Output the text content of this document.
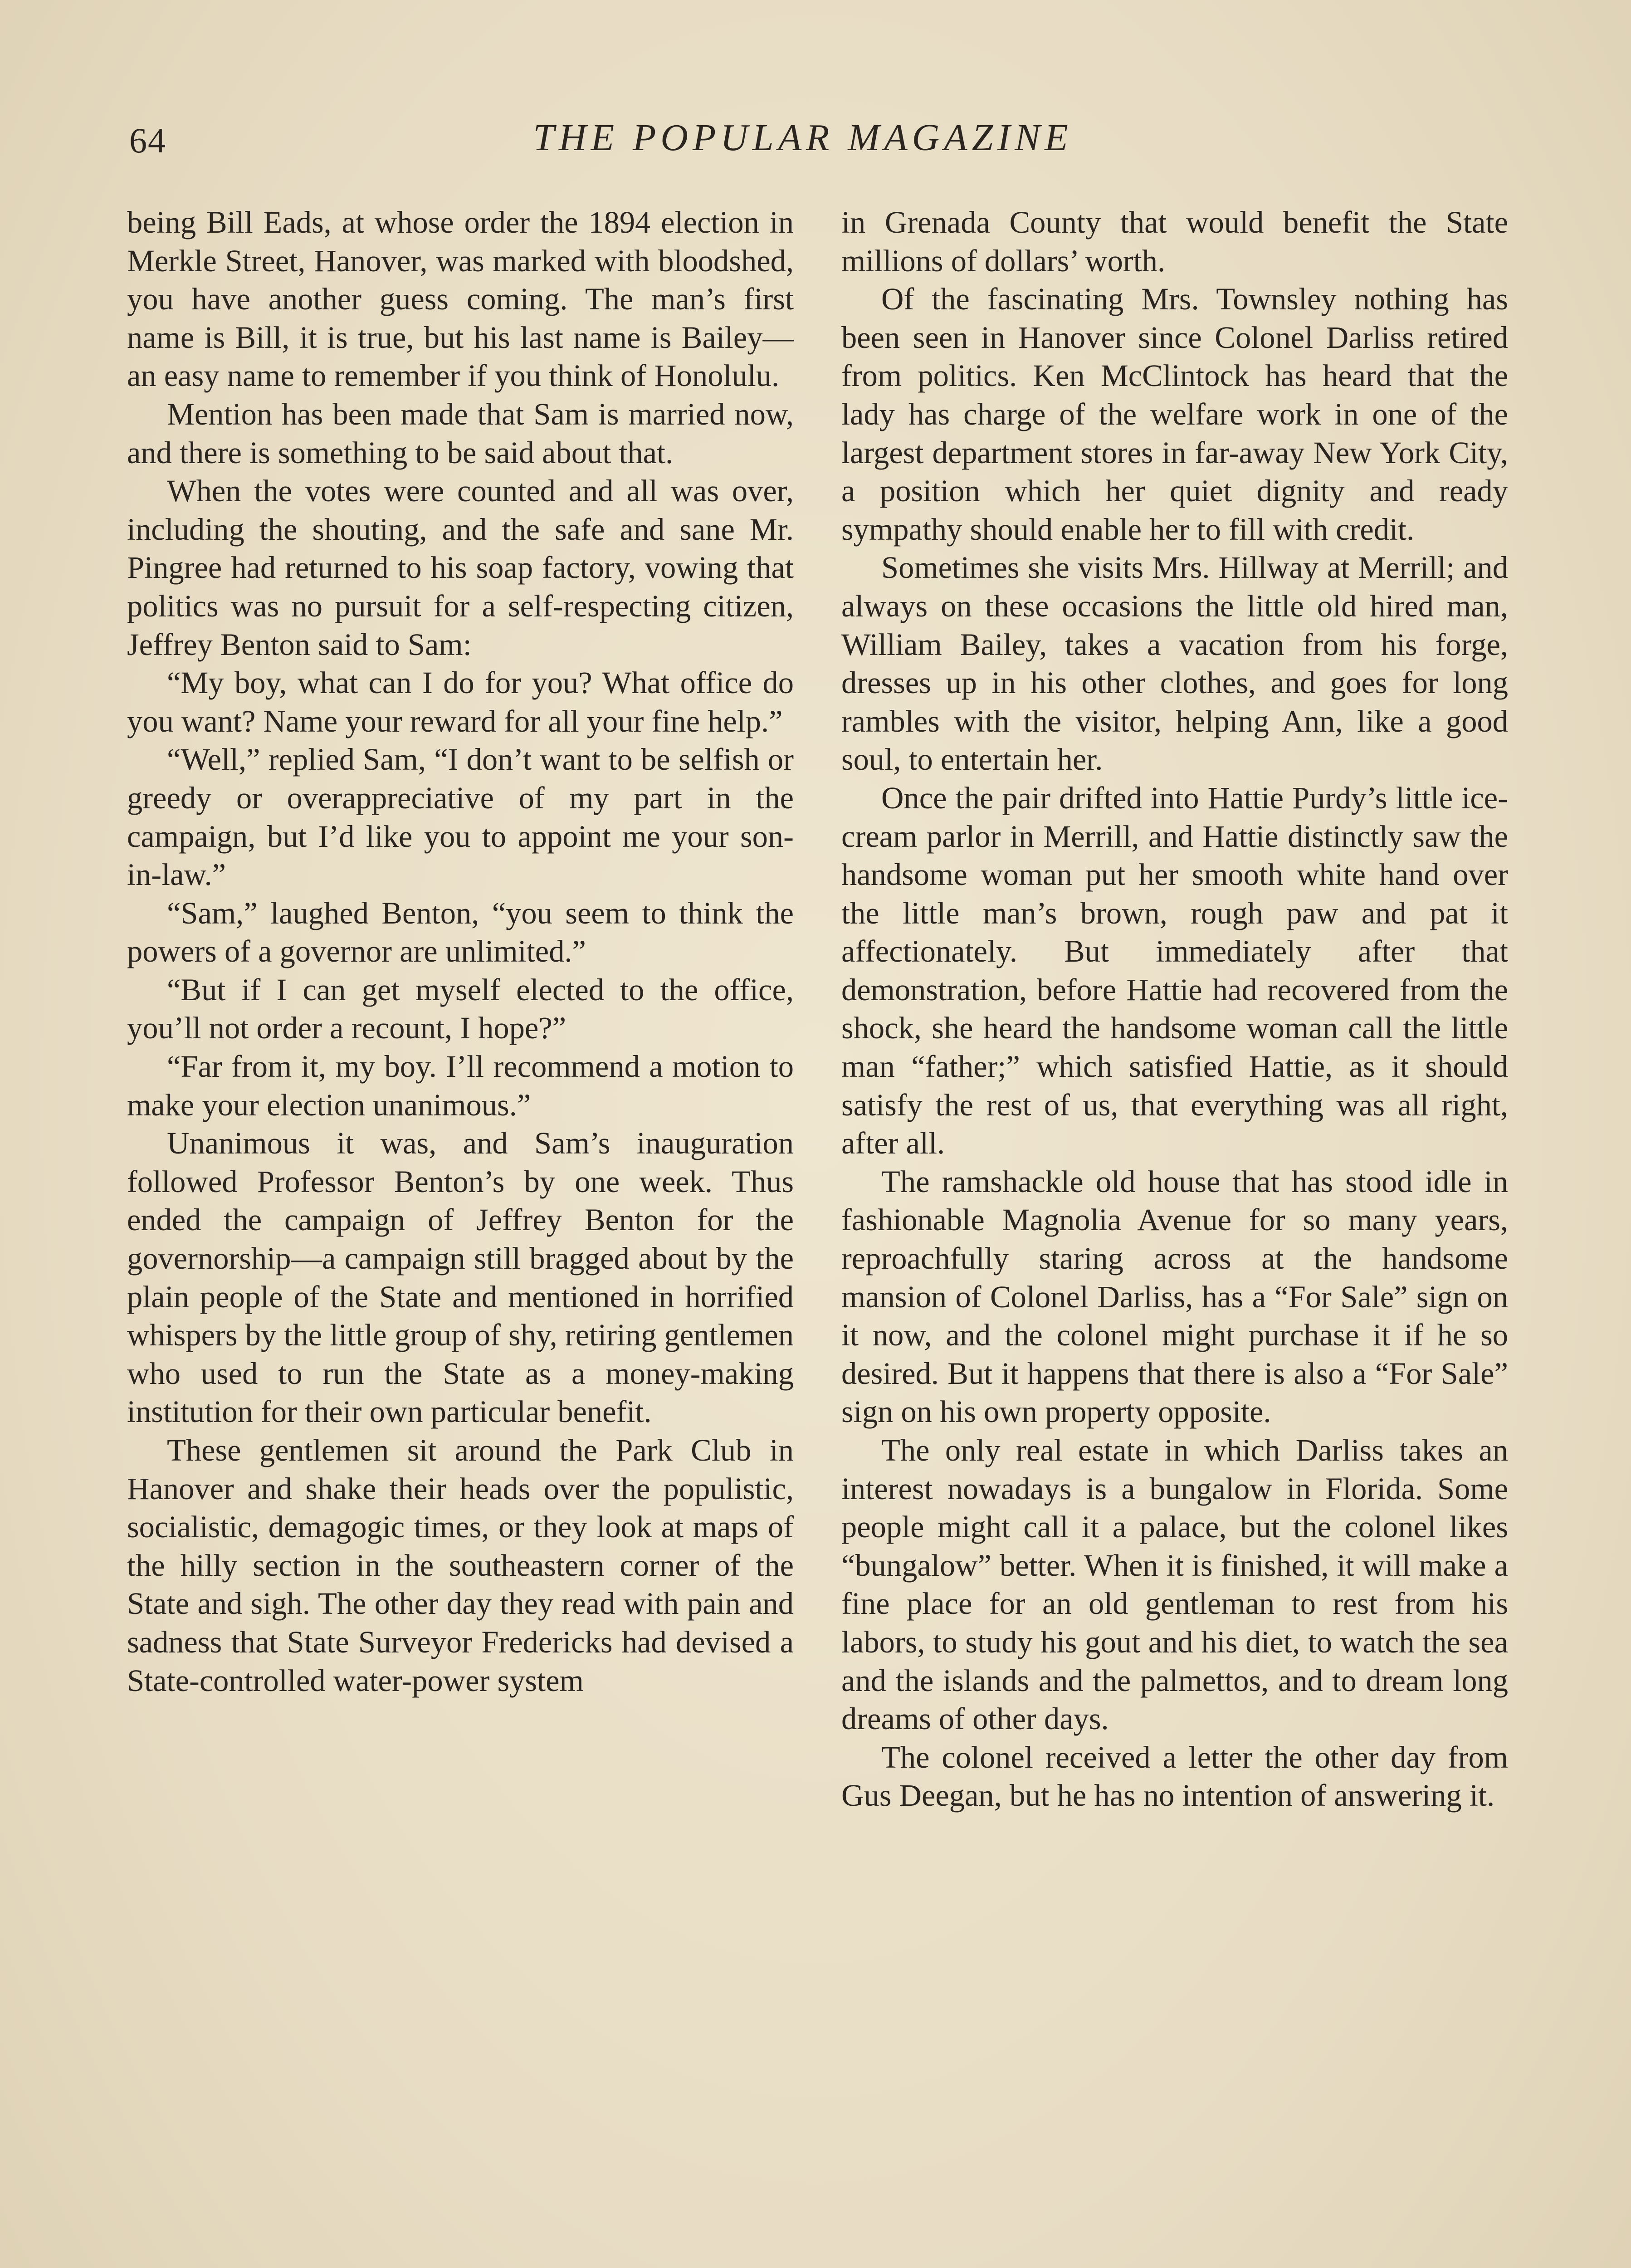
64	THE POPULAR MAGAZINE

being Bill Eads, at whose order the 1894 election in Merkle Street, Hanover, was marked with bloodshed, you have another guess coming. The man’s first name is Bill, it is true, but his last name is Bailey—an easy name to remember if you think of Honolulu.

Mention has been made that Sam is married now, and there is something to be said about that.

When the votes were counted and all was over, including the shouting, and the safe and sane Mr. Pingree had returned to his soap factory, vowing that politics was no pursuit for a self-respecting citizen, Jeffrey Benton said to Sam:

“My boy, what can I do for you? What office do you want? Name your reward for all your fine help.”

“Well,” replied Sam, “I don’t want to be selfish or greedy or overappreciative of my part in the campaign, but I’d like you to appoint me your son-in-law.”

“Sam,” laughed Benton, “you seem to think the powers of a governor are unlimited.”

“But if I can get myself elected to the office, you’ll not order a recount, I hope?”

“Far from it, my boy. I’ll recommend a motion to make your election unanimous.”

Unanimous it was, and Sam’s inauguration followed Professor Benton’s by one week. Thus ended the campaign of Jeffrey Benton for the governorship—a campaign still bragged about by the plain people of the State and mentioned in horrified whispers by the little group of shy, retiring gentlemen who used to run the State as a money-making institution for their own particular benefit.

These gentlemen sit around the Park Club in Hanover and shake their heads over the populistic, socialistic, demagogic times, or they look at maps of the hilly section in the southeastern corner of the State and sigh. The other day they read with pain and sadness that State Surveyor Fredericks had devised a State-controlled water-power system

in Grenada County that would benefit the State millions of dollars’ worth.

Of the fascinating Mrs. Townsley nothing has been seen in Hanover since Colonel Darliss retired from politics. Ken McClintock has heard that the lady has charge of the welfare work in one of the largest department stores in far-away New York City, a position which her quiet dignity and ready sympathy should enable her to fill with credit.

Sometimes she visits Mrs. Hillway at Merrill; and always on these occasions the little old hired man, William Bailey, takes a vacation from his forge, dresses up in his other clothes, and goes for long rambles with the visitor, helping Ann, like a good soul, to entertain her.

Once the pair drifted into Hattie Purdy’s little ice-cream parlor in Merrill, and Hattie distinctly saw the handsome woman put her smooth white hand over the little man’s brown, rough paw and pat it affectionately. But immediately after that demonstration, before Hattie had recovered from the shock, she heard the handsome woman call the little man “father;” which satisfied Hattie, as it should satisfy the rest of us, that everything was all right, after all.

The ramshackle old house that has stood idle in fashionable Magnolia Avenue for so many years, reproachfully staring across at the handsome mansion of Colonel Darliss, has a “For Sale” sign on it now, and the colonel might purchase it if he so desired. But it happens that there is also a “For Sale” sign on his own property opposite.

The only real estate in which Darliss takes an interest nowadays is a bungalow in Florida. Some people might call it a palace, but the colonel likes “bungalow” better. When it is finished, it will make a fine place for an old gentleman to rest from his labors, to study his gout and his diet, to watch the sea and the islands and the palmettos, and to dream long dreams of other days.

The colonel received a letter the other day from Gus Deegan, but he has no intention of answering it.
